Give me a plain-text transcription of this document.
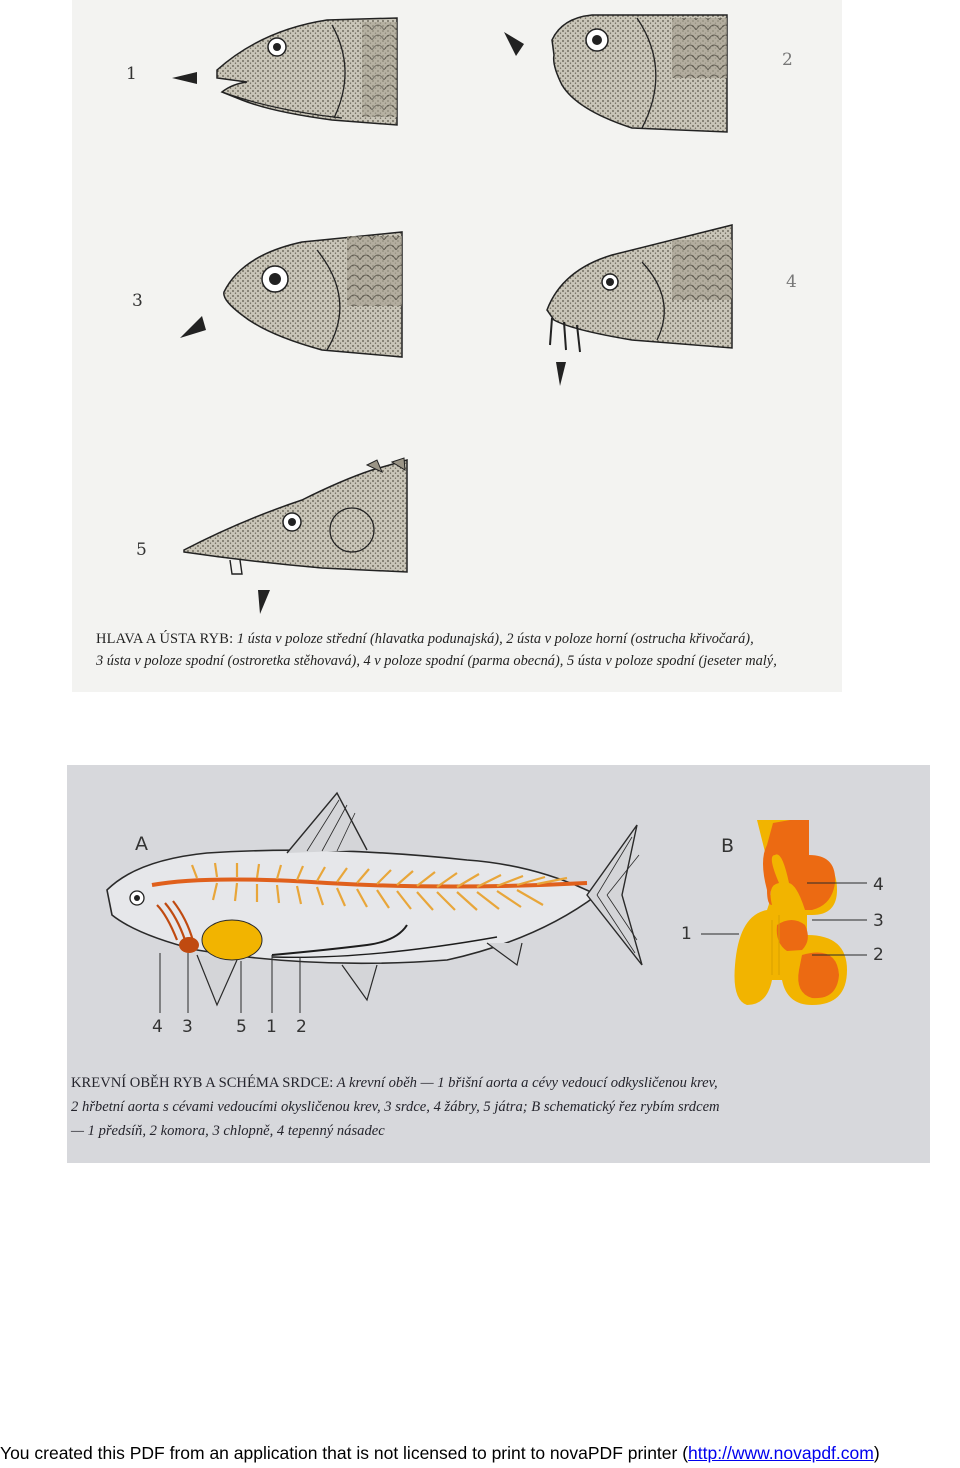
1
2
3
4
5
HLAVA A ÚSTA RYB: 1 ústa v poloze střední (hlavatka podunajská), 2 ústa v poloze horní (ostrucha křivočará),
3 ústa v poloze spodní (ostroretka stěhovavá), 4 v poloze spodní (parma obecná), 5 ústa v poloze spodní (jeseter malý,
A	B
4 3	5 1 2
1
4
3
2
KREVNÍ OBĚH RYB A SCHÉMA SRDCE: A krevní oběh — 1 břišní aorta a cévy vedoucí odkysličenou krev,
2 hřbetní aorta s cévami vedoucími okysličenou krev, 3 srdce, 4 žábry, 5 játra; B schematický řez rybím srdcem
— 1 předsíň, 2 komora, 3 chlopně, 4 tepenný násadec
You created this PDF from an application that is not licensed to print to novaPDF printer (http://www.novapdf.com)
